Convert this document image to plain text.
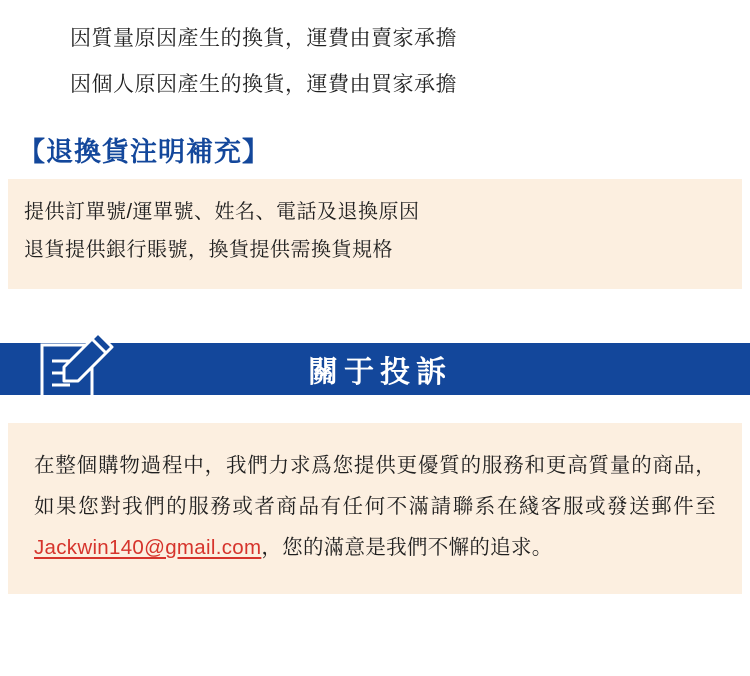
因質量原因產生的換貨，運費由賣家承擔
因個人原因產生的換貨，運費由買家承擔
【退換貨注明補充】
提供訂單號/運單號、姓名、電話及退換原因
退貨提供銀行賬號，換貨提供需換貨規格
關于投訴
在整個購物過程中，我們力求爲您提供更優質的服務和更高質量的商品，如果您對我們的服務或者商品有任何不滿請聯系在綫客服或發送郵件至Jackwin140@gmail.com，您的滿意是我們不懈的追求。
